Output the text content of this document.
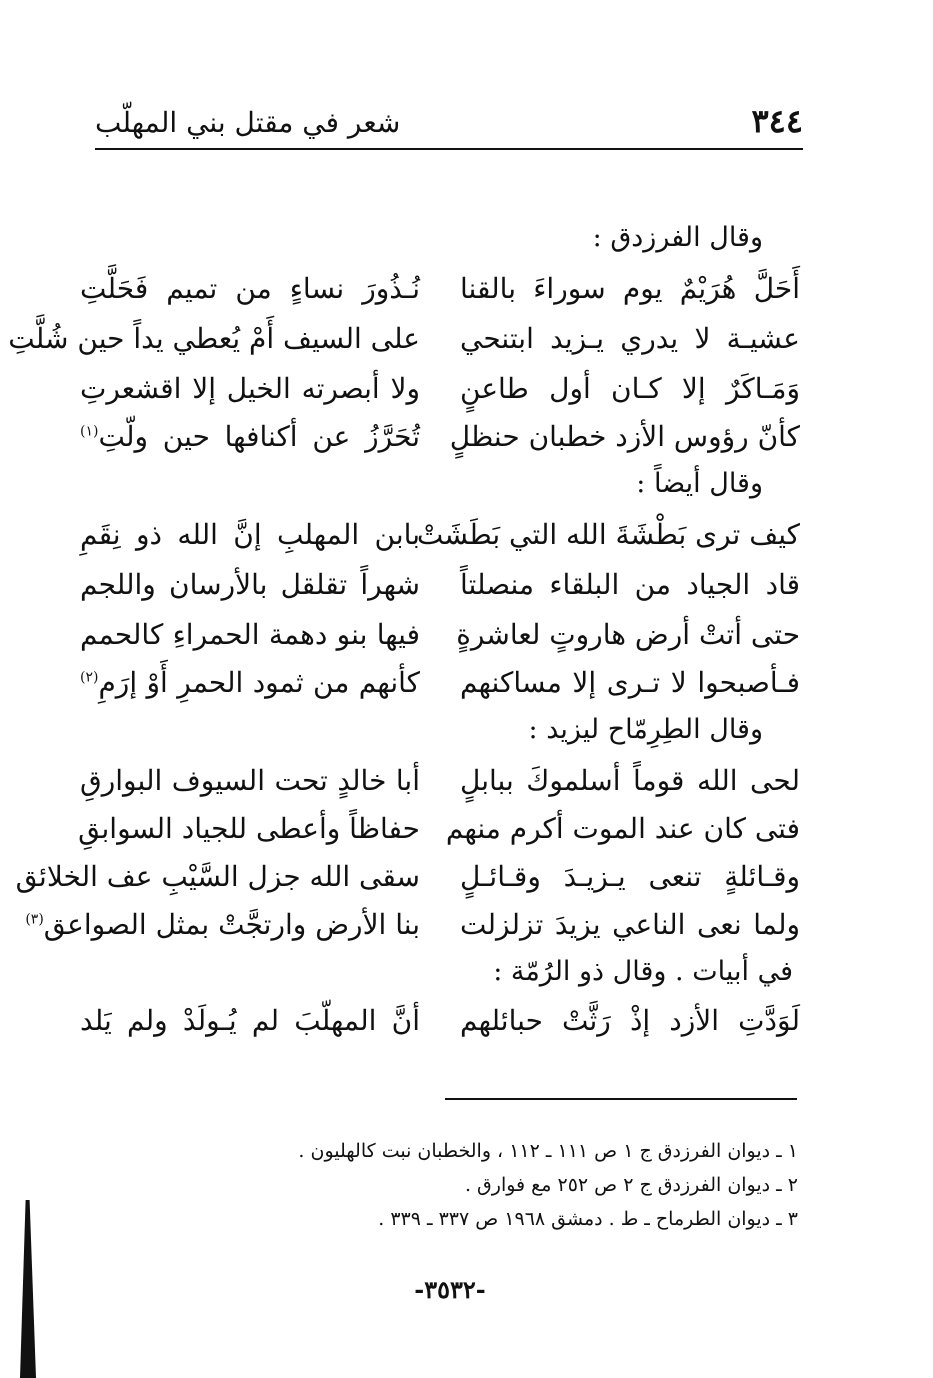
شعر في مقتل بني المهلّب	٣٤٤
وقال الفرزدق :
أَحَلَّ هُرَيْمٌ يوم سوراءَ بالقنا
نُـذُورَ نساءٍ من تميم فَحَلَّتِ
عشيـة لا يدري يـزيد ابتنحي
على السيف أَمْ يُعطي يداً حين شُلَّتِ
وَمَـاكَرٌ إلا كـان أول طاعنٍ
ولا أبصرته الخيل إلا اقشعرتِ
كأنّ رؤوس الأزد خطبان حنظلٍ
تُحَرَّزُ عن أكنافها حين ولّتِ$^{(١)}$
وقال أيضاً :
كيف ترى بَطْشَةَ الله التي بَطَشَتْ
بابن المهلبِ إنَّ الله ذو نِقَمِ
قاد الجياد من البلقاء منصلتاً
شهراً تقلقل بالأرسان واللجم
حتى أتتْ أرض هاروتٍ لعاشرةٍ
فيها بنو دهمة الحمراءِ كالحمم
فـأصبحوا لا تـرى إلا مساكنهم
كأنهم من ثمود الحمرِ أَوْ إرَمِ$^{(٢)}$
وقال الطِرِمّاح ليزيد :
لحى الله قوماً أسلموكَ ببابلٍ
أبا خالدٍ تحت السيوف البوارقِ
فتى كان عند الموت أكرم منهم
حفاظاً وأعطى للجياد السوابقِ
وقـائلةٍ تنعى يـزيـدَ وقـائـلٍ
سقى الله جزل السَّيْبِ عف الخلائق
ولما نعى الناعي يزيدَ تزلزلت
بنا الأرض وارتجَّتْ بمثل الصواعق$^{(٣)}$
في أبيات . وقال ذو الرُمّة :
لَوَدَّتِ الأزد إذْ رَثَّتْ حبائلهم
أنَّ المهلّبَ لم يُـولَدْ ولم يَلد
١ ـ ديوان الفرزدق ج ١ ص ١١١ ـ ١١٢ ، والخطبان نبت كالهليون .
٢ ـ ديوان الفرزدق ج ٢ ص ٢٥٢ مع فوارق .
٣ ـ ديوان الطرماح ـ ط . دمشق ١٩٦٨ ص ٣٣٧ ـ ٣٣٩ .
-٣٥٣٢-
